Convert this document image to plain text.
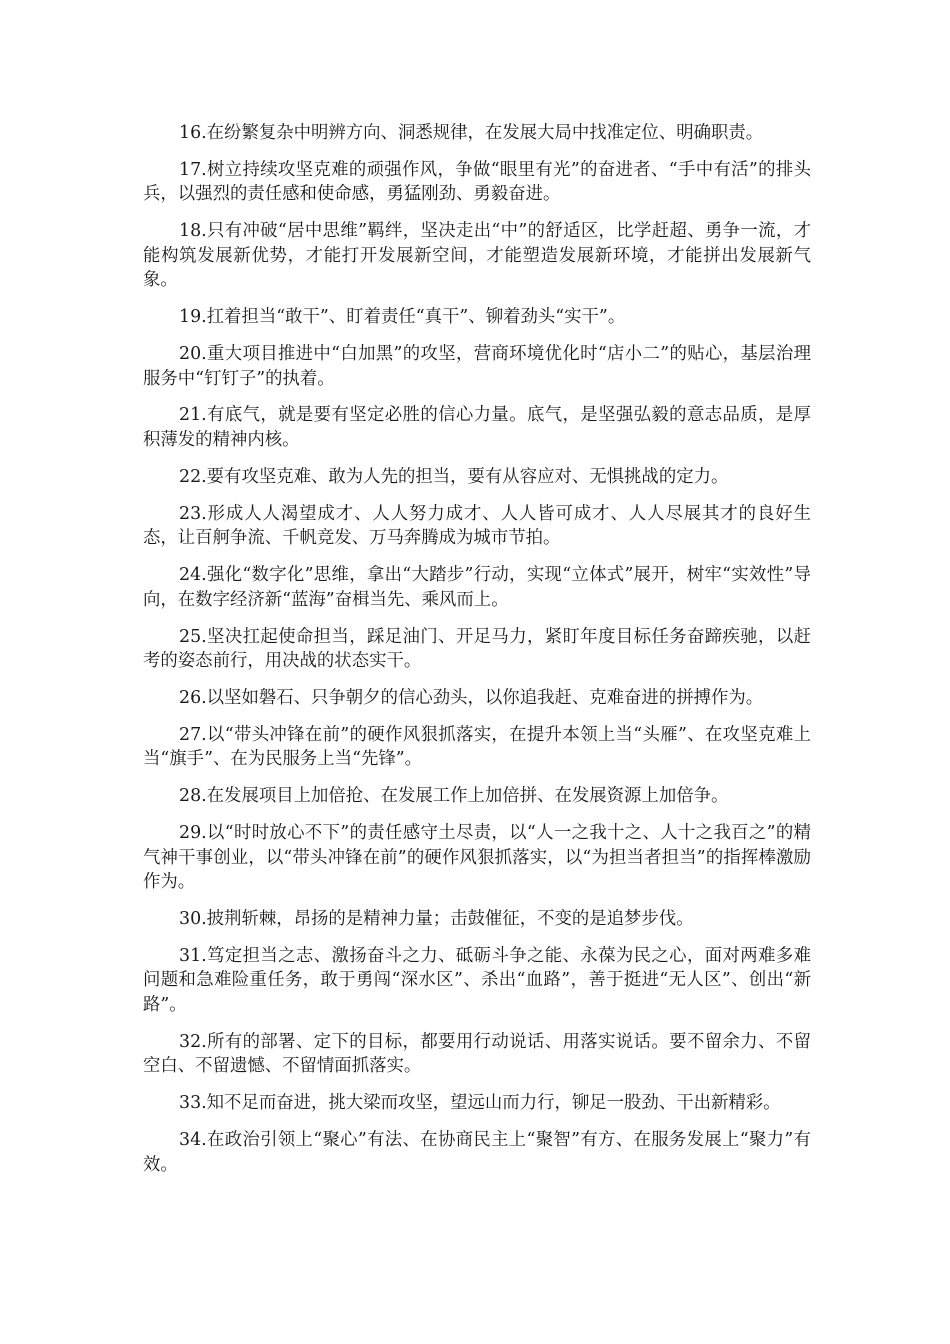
16.在纷繁复杂中明辨方向、洞悉规律，在发展大局中找准定位、明确职责。

17.树立持续攻坚克难的顽强作风，争做“眼里有光”的奋进者、“手中有活”的排头兵，以强烈的责任感和使命感，勇猛刚劲、勇毅奋进。

18.只有冲破“居中思维”羁绊，坚决走出“中”的舒适区，比学赶超、勇争一流，才能构筑发展新优势，才能打开发展新空间，才能塑造发展新环境，才能拼出发展新气象。

19.扛着担当“敢干”、盯着责任“真干”、铆着劲头“实干”。

20.重大项目推进中“白加黑”的攻坚，营商环境优化时“店小二”的贴心，基层治理服务中“钉钉子”的执着。

21.有底气，就是要有坚定必胜的信心力量。底气，是坚强弘毅的意志品质，是厚积薄发的精神内核。

22.要有攻坚克难、敢为人先的担当，要有从容应对、无惧挑战的定力。

23.形成人人渴望成才、人人努力成才、人人皆可成才、人人尽展其才的良好生态，让百舸争流、千帆竞发、万马奔腾成为城市节拍。

24.强化“数字化”思维，拿出“大踏步”行动，实现“立体式”展开，树牢“实效性”导向，在数字经济新“蓝海”奋楫当先、乘风而上。

25.坚决扛起使命担当，踩足油门、开足马力，紧盯年度目标任务奋蹄疾驰，以赶考的姿态前行，用决战的状态实干。

26.以坚如磐石、只争朝夕的信心劲头，以你追我赶、克难奋进的拼搏作为。

27.以“带头冲锋在前”的硬作风狠抓落实，在提升本领上当“头雁”、在攻坚克难上当“旗手”、在为民服务上当“先锋”。

28.在发展项目上加倍抢、在发展工作上加倍拼、在发展资源上加倍争。

29.以“时时放心不下”的责任感守土尽责，以“人一之我十之、人十之我百之”的精气神干事创业，以“带头冲锋在前”的硬作风狠抓落实，以“为担当者担当”的指挥棒激励作为。

30.披荆斩棘，昂扬的是精神力量；击鼓催征，不变的是追梦步伐。

31.笃定担当之志、激扬奋斗之力、砥砺斗争之能、永葆为民之心，面对两难多难问题和急难险重任务，敢于勇闯“深水区”、杀出“血路”，善于挺进“无人区”、创出“新路”。

32.所有的部署、定下的目标，都要用行动说话、用落实说话。要不留余力、不留空白、不留遗憾、不留情面抓落实。

33.知不足而奋进，挑大梁而攻坚，望远山而力行，铆足一股劲、干出新精彩。

34.在政治引领上“聚心”有法、在协商民主上“聚智”有方、在服务发展上“聚力”有效。
